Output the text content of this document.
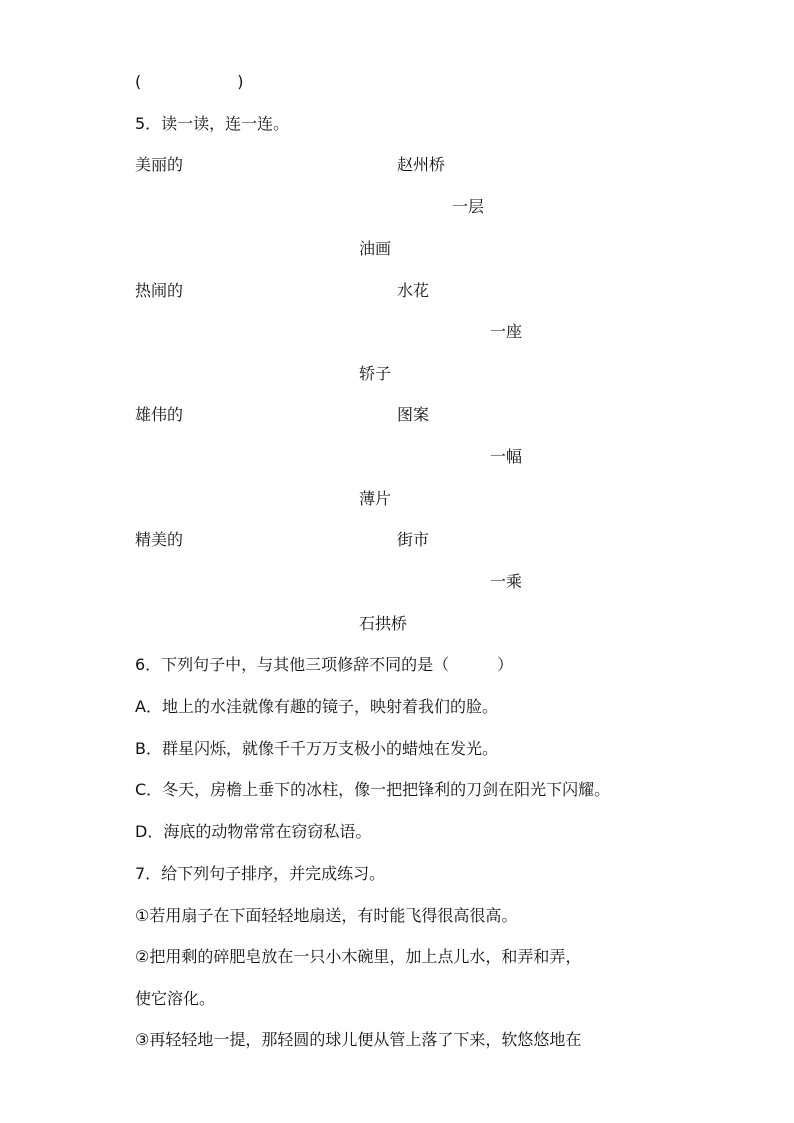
(　　　　　　)
5．读一读，连一连。
美丽的	赵州桥
一层
油画
热闹的	水花
一座
轿子
雄伟的	图案
一幅
薄片
精美的	街市
一乘
石拱桥
6．下列句子中，与其他三项修辞不同的是（　　　）
A．地上的水洼就像有趣的镜子，映射着我们的脸。
B．群星闪烁，就像千千万万支极小的蜡烛在发光。
C．冬天，房檐上垂下的冰柱，像一把把锋利的刀剑在阳光下闪耀。
D．海底的动物常常在窃窃私语。
7．给下列句子排序，并完成练习。
①若用扇子在下面轻轻地扇送，有时能飞得很高很高。
②把用剩的碎肥皂放在一只小木碗里，加上点儿水，和弄和弄，
使它溶化。
③再轻轻地一提，那轻圆的球儿便从管上落了下来，软悠悠地在
